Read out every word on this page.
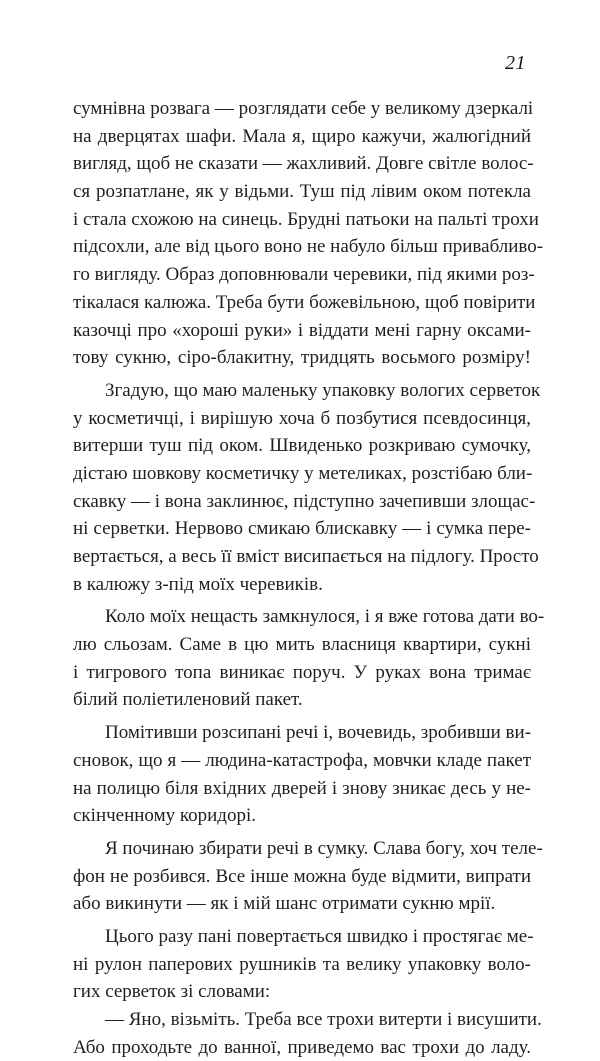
21
сумнівна розвага — розглядати себе у великому дзеркалі
на дверцятах шафи. Мала я, щиро кажучи, жалюгідний
вигляд, щоб не сказати — жахливий. Довге світле волос-
ся розпатлане, як у відьми. Туш під лівим оком потекла
і стала схожою на синець. Брудні патьоки на пальті трохи
підсохли, але від цього воно не набуло більш привабливо-
го вигляду. Образ доповнювали черевики, під якими роз-
тікалася калюжа. Треба бути божевільною, щоб повірити
казочці про «хороші руки» і віддати мені гарну оксами-
тову сукню, сіро-блакитну, тридцять восьмого розміру!
Згадую, що маю маленьку упаковку вологих серветок
у косметичці, і вирішую хоча б позбутися псевдосинця,
витерши туш під оком. Швиденько розкриваю сумочку,
дістаю шовкову косметичку у метеликах, розстібаю бли-
скавку — і вона заклинює, підступно зачепивши злощас-
ні серветки. Нервово смикаю блискавку — і сумка пере-
вертається, а весь її вміст висипається на підлогу. Просто
в калюжу з-під моїх черевиків.
Коло моїх нещасть замкнулося, і я вже готова дати во-
лю сльозам. Саме в цю мить власниця квартири, сукні
і тигрового топа виникає поруч. У руках вона тримає
білий поліетиленовий пакет.
Помітивши розсипані речі і, вочевидь, зробивши ви-
сновок, що я — людина-катастрофа, мовчки кладе пакет
на полицю біля вхідних дверей і знову зникає десь у не-
скінченному коридорі.
Я починаю збирати речі в сумку. Слава богу, хоч теле-
фон не розбився. Все інше можна буде відмити, випрати
або викинути — як і мій шанс отримати сукню мрії.
Цього разу пані повертається швидко і простягає ме-
ні рулон паперових рушників та велику упаковку воло-
гих серветок зі словами:
— Яно, візьміть. Треба все трохи витерти і висушити.
Або проходьте до ванної, приведемо вас трохи до ладу.
